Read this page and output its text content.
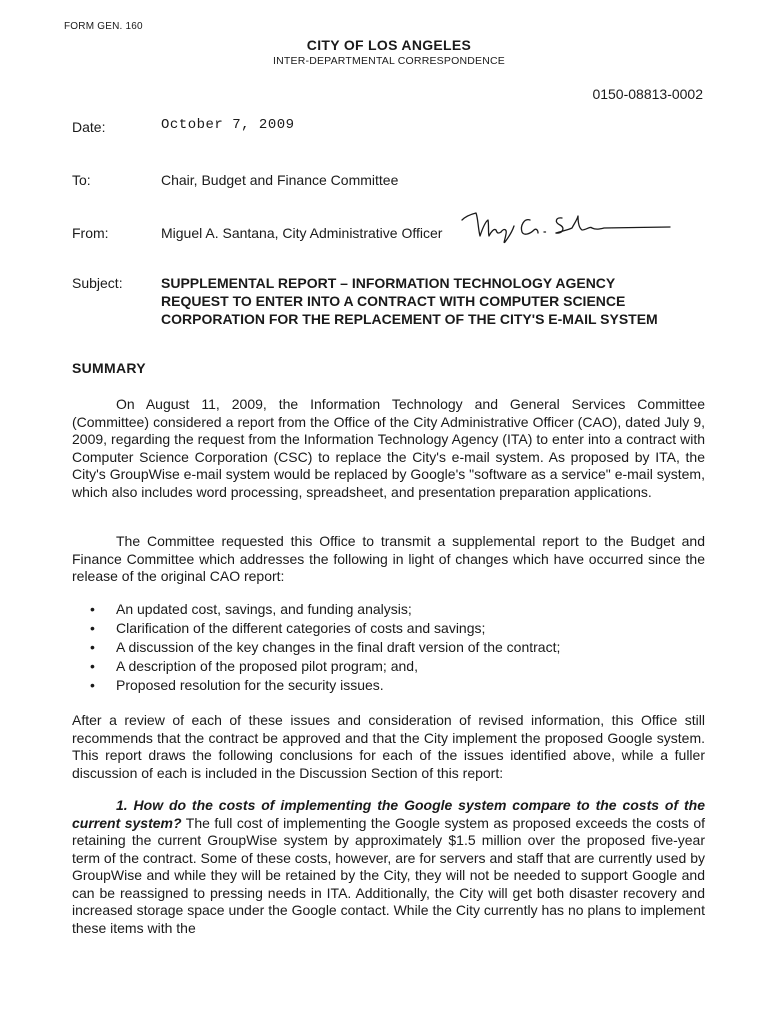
FORM GEN. 160
CITY OF LOS ANGELES
INTER-DEPARTMENTAL CORRESPONDENCE
0150-08813-0002
Date:	October 7, 2009
To:	Chair, Budget and Finance Committee
From:	Miguel A. Santana, City Administrative Officer
Subject:	SUPPLEMENTAL REPORT – INFORMATION TECHNOLOGY AGENCY
REQUEST TO ENTER INTO A CONTRACT WITH COMPUTER SCIENCE
CORPORATION FOR THE REPLACEMENT OF THE CITY'S E-MAIL SYSTEM
SUMMARY
On August 11, 2009, the Information Technology and General Services Committee (Committee) considered a report from the Office of the City Administrative Officer (CAO), dated July 9, 2009, regarding the request from the Information Technology Agency (ITA) to enter into a contract with Computer Science Corporation (CSC) to replace the City's e-mail system. As proposed by ITA, the City's GroupWise e-mail system would be replaced by Google's "software as a service" e-mail system, which also includes word processing, spreadsheet, and presentation preparation applications.
The Committee requested this Office to transmit a supplemental report to the Budget and Finance Committee which addresses the following in light of changes which have occurred since the release of the original CAO report:
• An updated cost, savings, and funding analysis;
• Clarification of the different categories of costs and savings;
• A discussion of the key changes in the final draft version of the contract;
• A description of the proposed pilot program; and,
• Proposed resolution for the security issues.
After a review of each of these issues and consideration of revised information, this Office still recommends that the contract be approved and that the City implement the proposed Google system. This report draws the following conclusions for each of the issues identified above, while a fuller discussion of each is included in the Discussion Section of this report:
1. How do the costs of implementing the Google system compare to the costs of the current system? The full cost of implementing the Google system as proposed exceeds the costs of retaining the current GroupWise system by approximately $1.5 million over the proposed five-year term of the contract. Some of these costs, however, are for servers and staff that are currently used by GroupWise and while they will be retained by the City, they will not be needed to support Google and can be reassigned to pressing needs in ITA. Additionally, the City will get both disaster recovery and increased storage space under the Google contact. While the City currently has no plans to implement these items with the
